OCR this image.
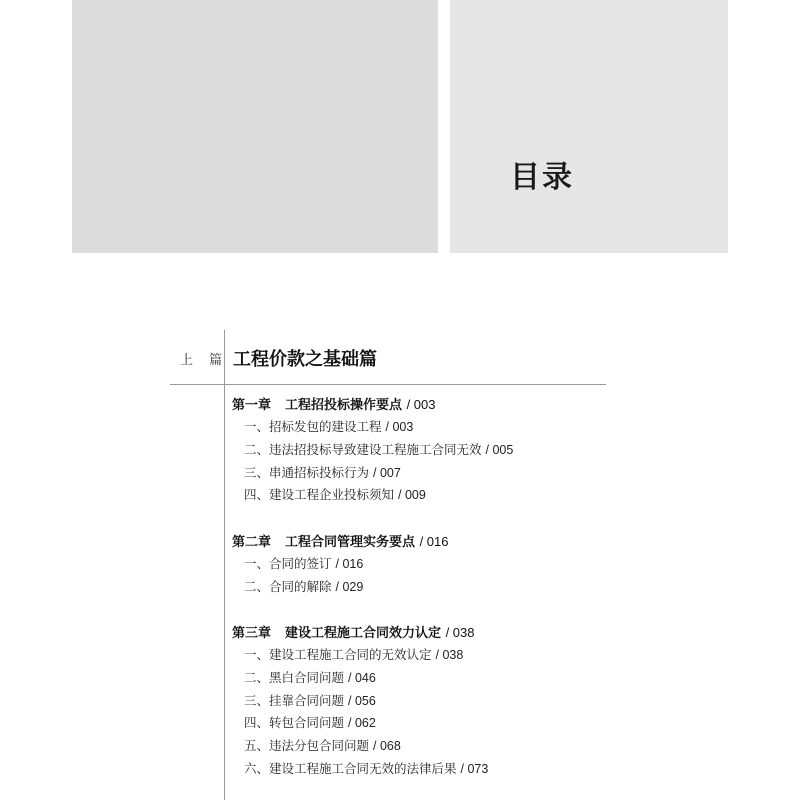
目录
上 篇 工程价款之基础篇
第一章 工程招投标操作要点 / 003
一、招标发包的建设工程 / 003
二、违法招投标导致建设工程施工合同无效 / 005
三、串通招标投标行为 / 007
四、建设工程企业投标须知 / 009
第二章 工程合同管理实务要点 / 016
一、合同的签订 / 016
二、合同的解除 / 029
第三章 建设工程施工合同效力认定 / 038
一、建设工程施工合同的无效认定 / 038
二、黑白合同问题 / 046
三、挂靠合同问题 / 056
四、转包合同问题 / 062
五、违法分包合同问题 / 068
六、建设工程施工合同无效的法律后果 / 073
